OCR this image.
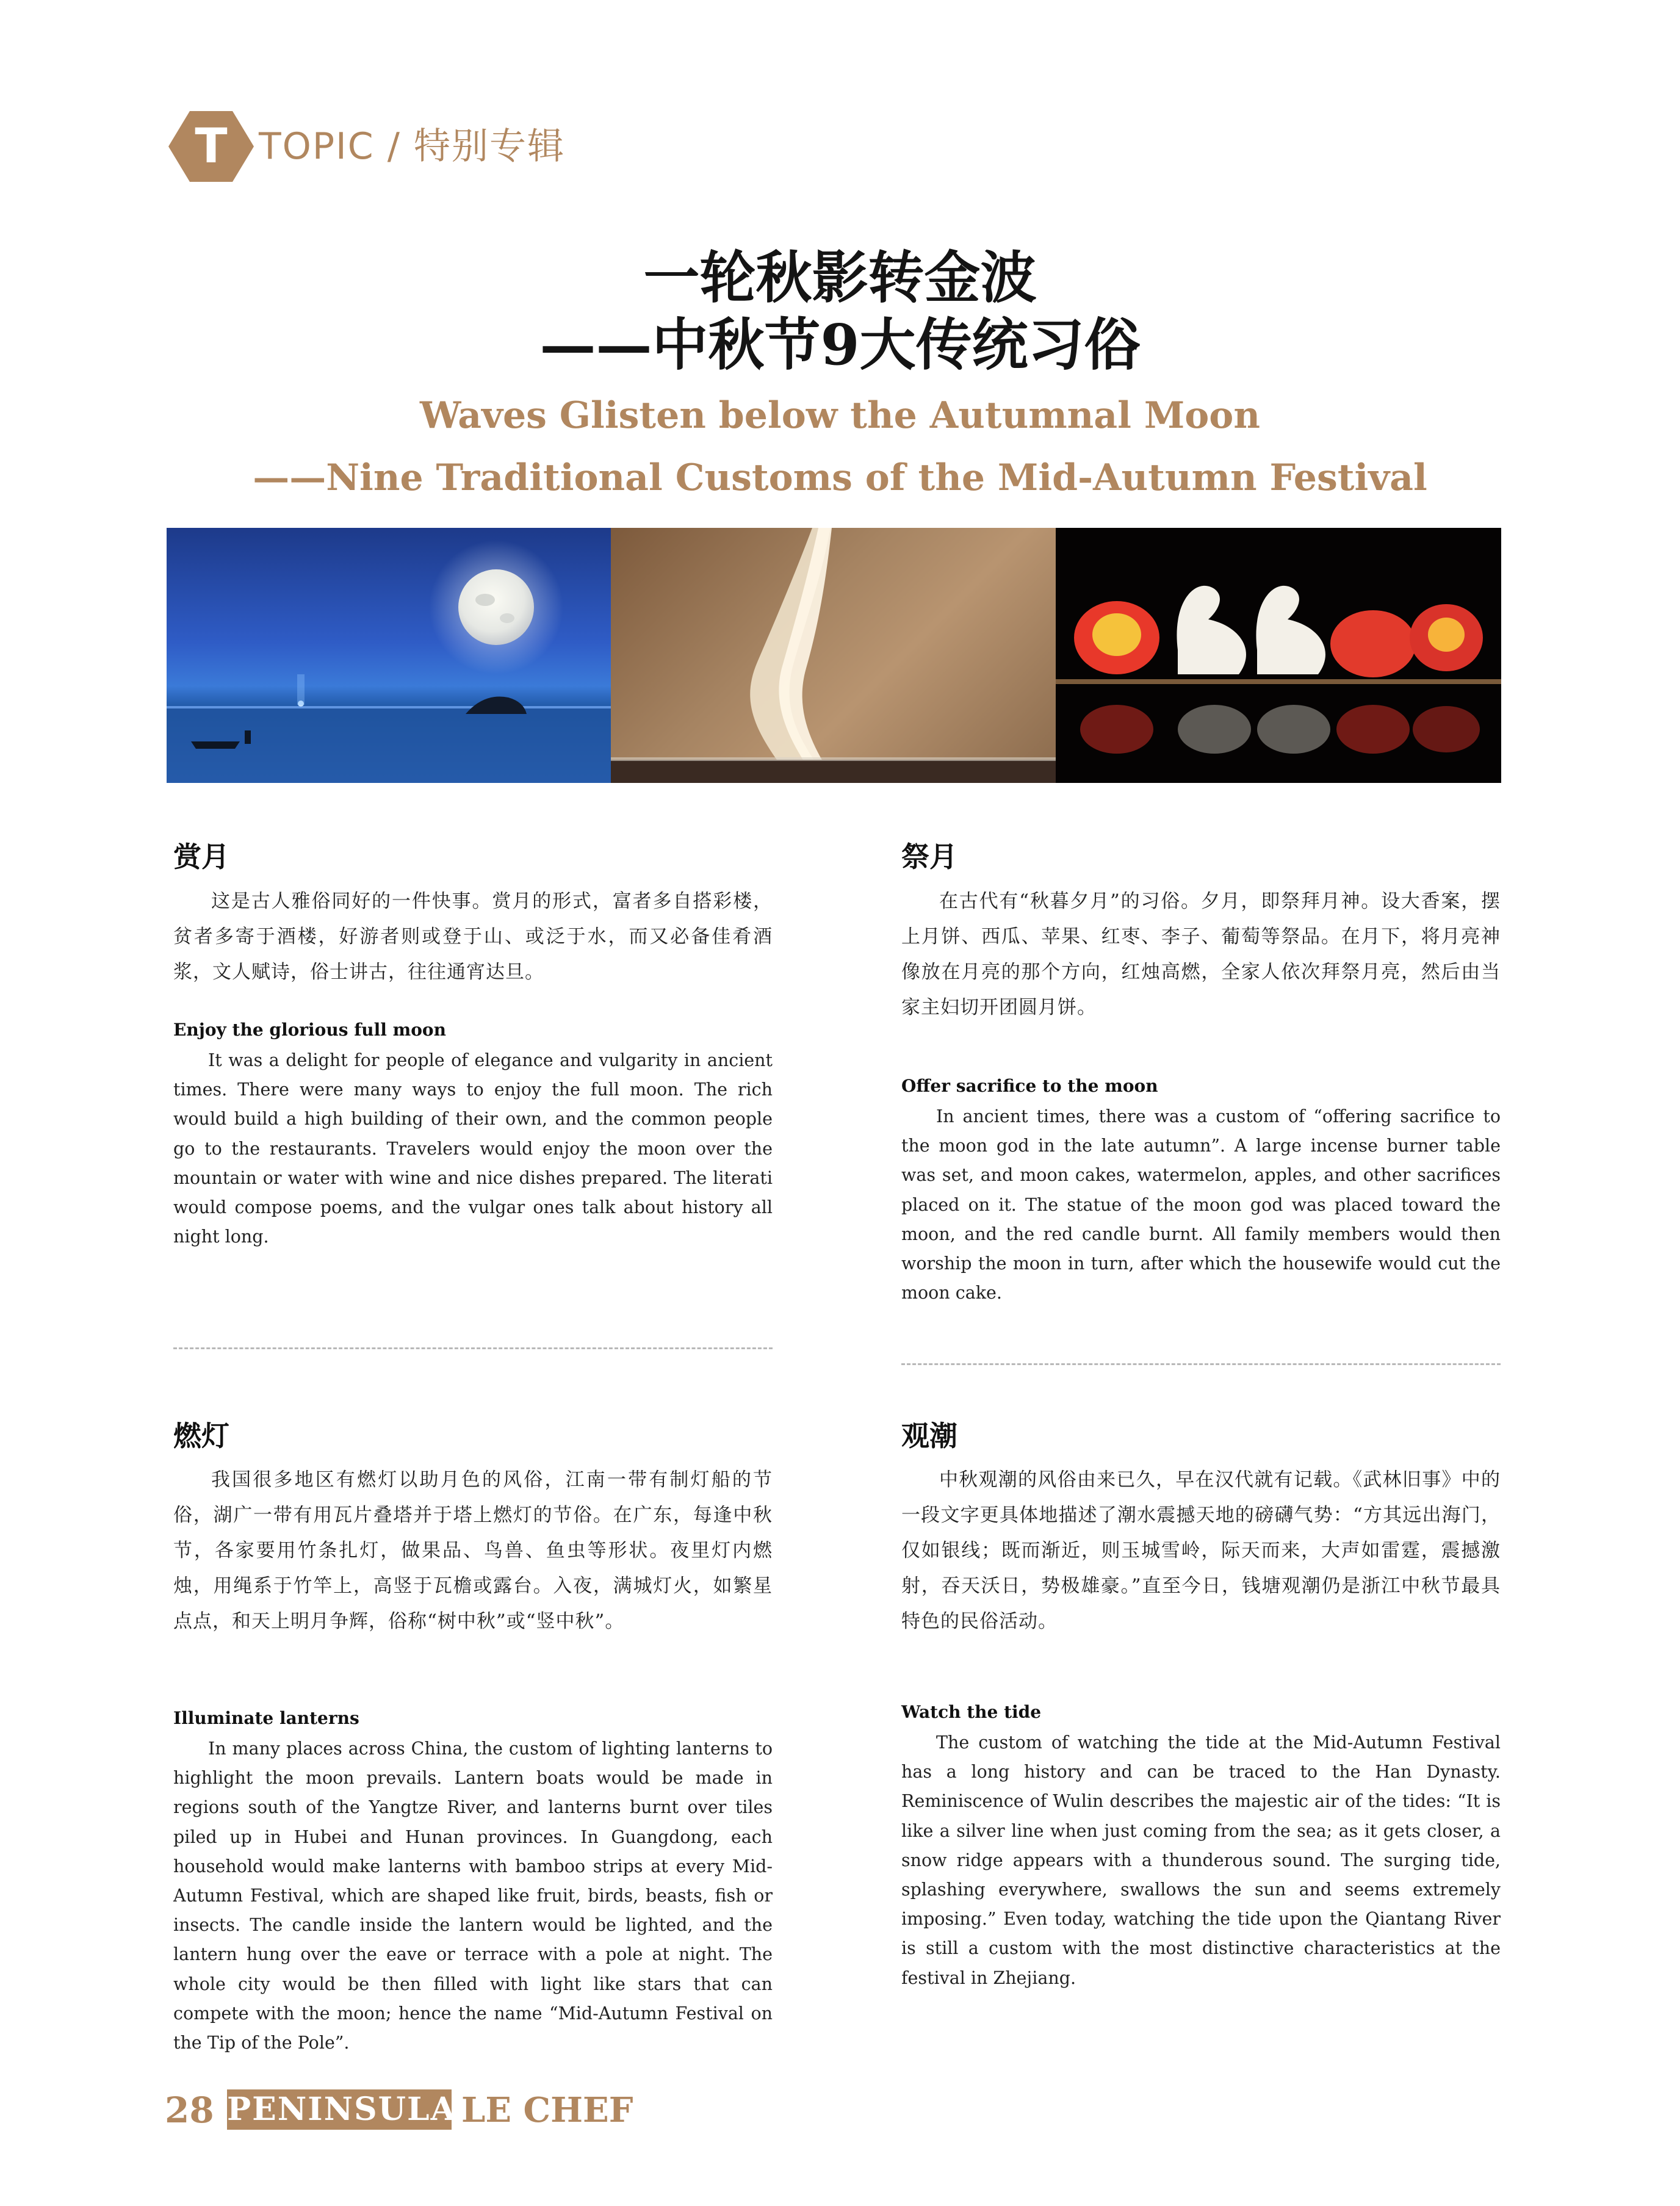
T TOPIC / 特别专辑
一轮秋影转金波
——中秋节9大传统习俗
Waves Glisten below the Autumnal Moon
——Nine Traditional Customs of the Mid-Autumn Festival
赏月
这是古人雅俗同好的一件快事。赏月的形式，富者多自搭彩楼，贫者多寄于酒楼，好游者则或登于山、或泛于水，而又必备佳肴酒浆，文人赋诗，俗士讲古，往往通宵达旦。
Enjoy the glorious full moon
It was a delight for people of elegance and vulgarity in ancient times. There were many ways to enjoy the full moon. The rich would build a high building of their own, and the common people go to the restaurants. Travelers would enjoy the moon over the mountain or water with wine and nice dishes prepared. The literati would compose poems, and the vulgar ones talk about history all night long.
祭月
在古代有“秋暮夕月”的习俗。夕月，即祭拜月神。设大香案，摆上月饼、西瓜、苹果、红枣、李子、葡萄等祭品。在月下，将月亮神像放在月亮的那个方向，红烛高燃，全家人依次拜祭月亮，然后由当家主妇切开团圆月饼。
Offer sacrifice to the moon
In ancient times, there was a custom of “offering sacrifice to the moon god in the late autumn”. A large incense burner table was set, and moon cakes, watermelon, apples, and other sacrifices placed on it. The statue of the moon god was placed toward the moon, and the red candle burnt. All family members would then worship the moon in turn, after which the housewife would cut the moon cake.
燃灯
我国很多地区有燃灯以助月色的风俗，江南一带有制灯船的节俗，湖广一带有用瓦片叠塔并于塔上燃灯的节俗。在广东，每逢中秋节，各家要用竹条扎灯，做果品、鸟兽、鱼虫等形状。夜里灯内燃烛，用绳系于竹竿上，高竖于瓦檐或露台。入夜，满城灯火，如繁星点点，和天上明月争辉，俗称“树中秋”或“竖中秋”。
Illuminate lanterns
In many places across China, the custom of lighting lanterns to highlight the moon prevails. Lantern boats would be made in regions south of the Yangtze River, and lanterns burnt over tiles piled up in Hubei and Hunan provinces. In Guangdong, each household would make lanterns with bamboo strips at every Mid-Autumn Festival, which are shaped like fruit, birds, beasts, fish or insects. The candle inside the lantern would be lighted, and the lantern hung over the eave or terrace with a pole at night. The whole city would be then filled with light like stars that can compete with the moon; hence the name “Mid-Autumn Festival on the Tip of the Pole”.
观潮
中秋观潮的风俗由来已久，早在汉代就有记载。《武林旧事》中的一段文字更具体地描述了潮水震撼天地的磅礴气势：“方其远出海门，仅如银线；既而渐近，则玉城雪岭，际天而来，大声如雷霆，震撼激射，吞天沃日，势极雄豪。”直至今日，钱塘观潮仍是浙江中秋节最具特色的民俗活动。
Watch the tide
The custom of watching the tide at the Mid-Autumn Festival has a long history and can be traced to the Han Dynasty. Reminiscence of Wulin describes the majestic air of the tides: “It is like a silver line when just coming from the sea; as it gets closer, a snow ridge appears with a thunderous sound. The surging tide, splashing everywhere, swallows the sun and seems extremely imposing.” Even today, watching the tide upon the Qiantang River is still a custom with the most distinctive characteristics at the festival in Zhejiang.
28 PENINSULA LE CHEF
